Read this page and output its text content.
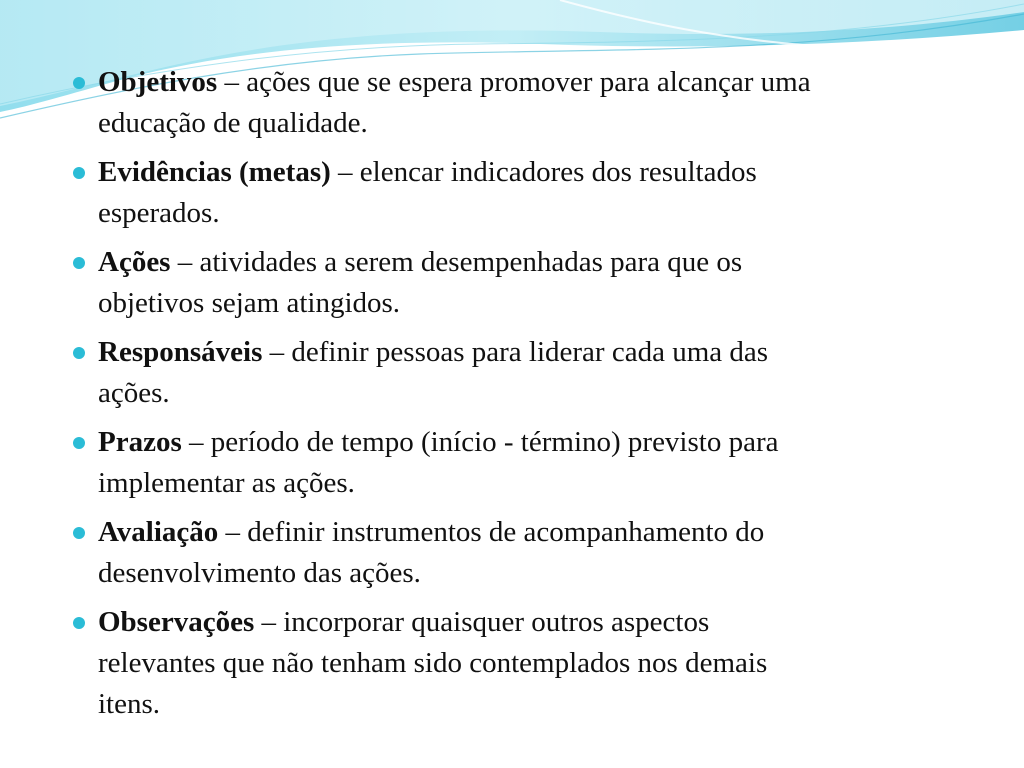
Objetivos – ações que se espera promover para alcançar uma educação de qualidade.
Evidências (metas) – elencar indicadores dos resultados esperados.
Ações – atividades a serem desempenhadas para que os objetivos sejam atingidos.
Responsáveis – definir pessoas para liderar cada uma das ações.
Prazos – período de tempo (início - término) previsto para implementar as ações.
Avaliação – definir instrumentos de acompanhamento do desenvolvimento das ações.
Observações – incorporar quaisquer outros aspectos relevantes que não tenham sido contemplados nos demais itens.
